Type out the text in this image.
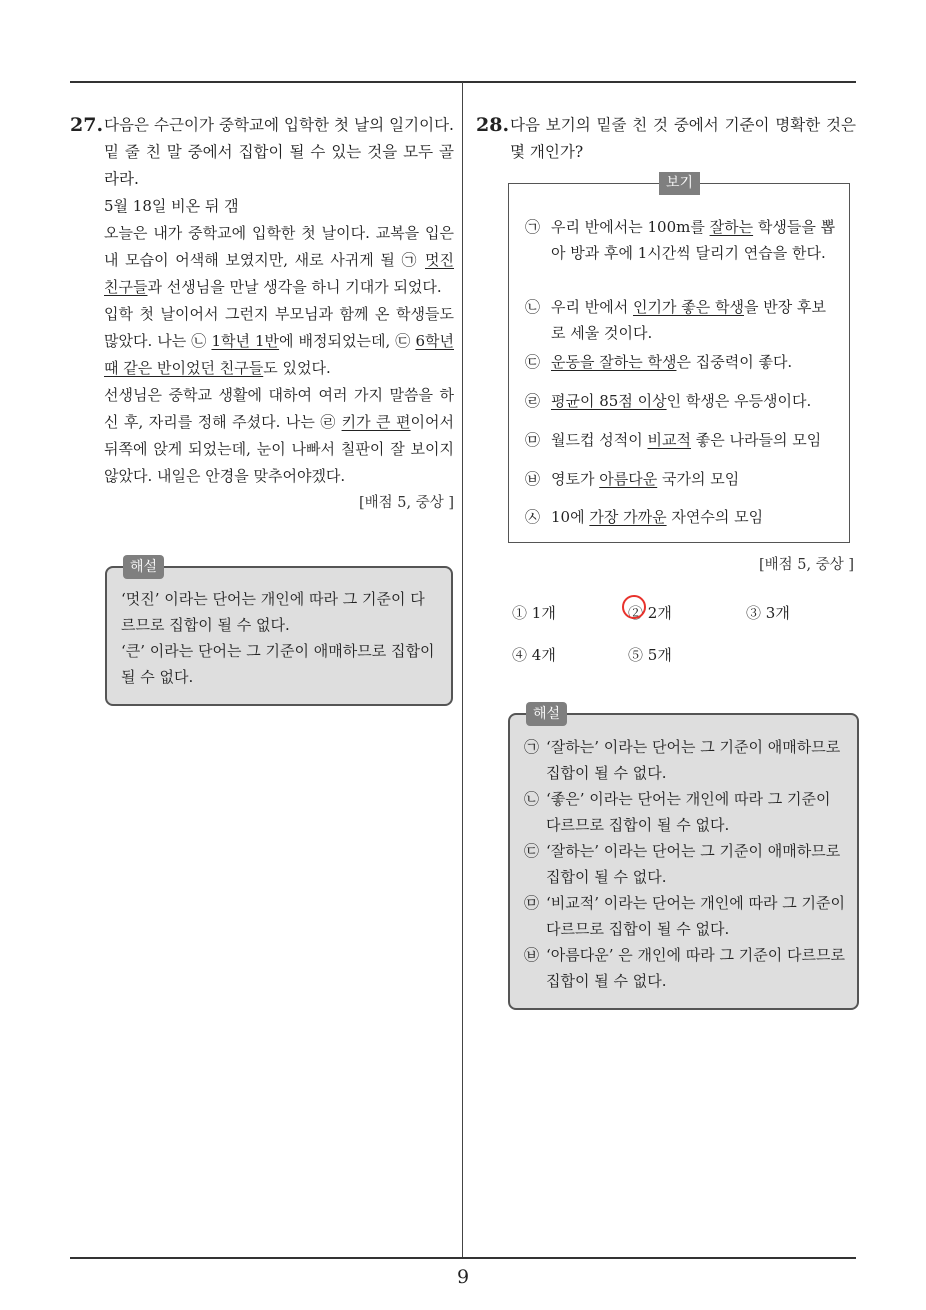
9
27. 다음은 수근이가 중학교에 입학한 첫 날의 일기이다. 밑 줄 친 말 중에서 집합이 될 수 있는 것을 모두 골라라.

5월 18일 비온 뒤 갬

오늘은 내가 중학교에 입학한 첫 날이다. 교복을 입은 내 모습이 어색해 보였지만, 새로 사귀게 될 ㉠ 멋진 친구들과 선생님을 만날 생각을 하니 기대가 되었다.

입학 첫 날이어서 그런지 부모님과 함께 온 학생들도 많았다. 나는 ㉡ 1학년 1반에 배정되었는데, ㉢ 6학년 때 같은 반이었던 친구들도 있었다.

선생님은 중학교 생활에 대하여 여러 가지 말씀을 하신 후, 자리를 정해 주셨다. 나는 ㉣ 키가 큰 편이어서 뒤쪽에 앉게 되었는데, 눈이 나빠서 칠판이 잘 보이지 않았다. 내일은 안경을 맞추어야겠다.

[배점 5, 중상 ]
해설

‘멋진’ 이라는 단어는 개인에 따라 그 기준이 다르므로 집합이 될 수 없다.

‘큰’ 이라는 단어는 그 기준이 애매하므로 집합이 될 수 없다.

28. 다음 보기의 밑줄 친 것 중에서 기준이 명확한 것은 몇 개인가?
보기
㉠ 우리 반에서는 100m를 잘하는 학생들을 뽑아 방과 후에 1시간씩 달리기 연습을 한다.
㉡ 우리 반에서 인기가 좋은 학생을 반장 후보로 세울 것이다.
㉢ 운동을 잘하는 학생은 집중력이 좋다.
㉣ 평균이 85점 이상인 학생은 우등생이다.
㉤ 월드컵 성적이 비교적 좋은 나라들의 모임
㉥ 영토가 아름다운 국가의 모임
㉦ 10에 가장 가까운 자연수의 모임
[배점 5, 중상 ]
① 1개	② 2개	③ 3개
④ 4개	⑤ 5개
해설
㉠ ‘잘하는’ 이라는 단어는 그 기준이 애매하므로 집합이 될 수 없다.
㉡ ‘좋은’ 이라는 단어는 개인에 따라 그 기준이 다르므로 집합이 될 수 없다.
㉢ ‘잘하는’ 이라는 단어는 그 기준이 애매하므로 집합이 될 수 없다.
㉤ ‘비교적’ 이라는 단어는 개인에 따라 그 기준이 다르므로 집합이 될 수 없다.
㉥ ‘아름다운’ 은 개인에 따라 그 기준이 다르므로 집합이 될 수 없다.
